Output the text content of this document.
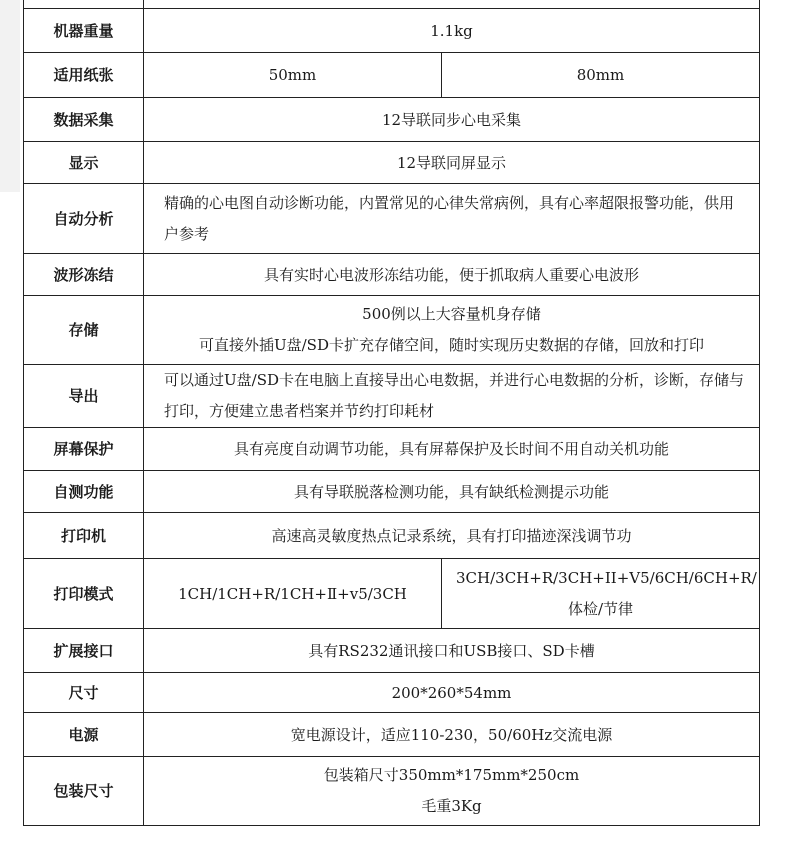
机器重量	1.1kg	
适用纸张	50mm	80mm
数据采集	12导联同步心电采集	
显示	12导联同屏显示	
自动分析	精确的心电图自动诊断功能，内置常见的心律失常病例，具有心率超限报警功能，供用户参考	
波形冻结	具有实时心电波形冻结功能，便于抓取病人重要心电波形	
存储	500例以上大容量机身存储
可直接外插U盘/SD卡扩充存储空间，随时实现历史数据的存储，回放和打印	

导出	可以通过U盘/SD卡在电脑上直接导出心电数据，并进行心电数据的分析，诊断，存储与打印，方便建立患者档案并节约打印耗材	
屏幕保护	具有亮度自动调节功能，具有屏幕保护及长时间不用自动关机功能	
自测功能	具有导联脱落检测功能，具有缺纸检测提示功能	
打印机	高速高灵敏度热点记录系统，具有打印描迹深浅调节功	
打印模式	1CH/1CH+R/1CH+Ⅱ+v5/3CH	3CH/3CH+R/3CH+II+V5/6CH/6CH+R/体检/节律
扩展接口	具有RS232通讯接口和USB接口、SD卡槽	
尺寸	200*260*54mm	
电源	宽电源设计，适应110-230，50/60Hz交流电源	
包装尺寸	包装箱尺寸350mm*175mm*250cm
毛重3Kg	
